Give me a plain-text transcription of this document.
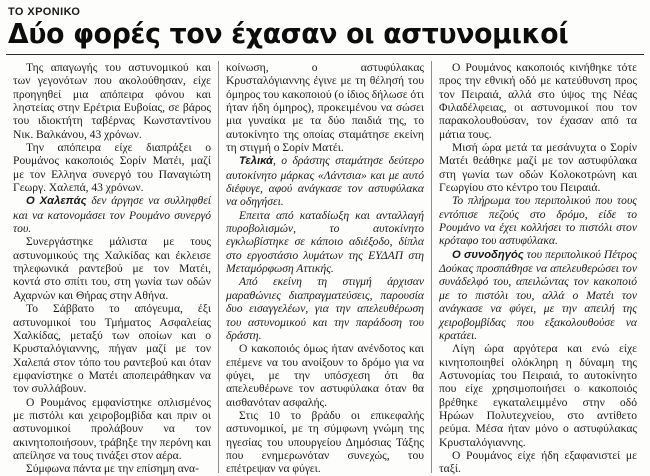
ΤΟ ΧΡΟΝΙΚΟ
Δύο φορές τον έχασαν οι αστυνομικοί

Της απαγωγής του αστυνομικού και των γεγονότων που ακολούθησαν, είχε προηγηθεί μια απόπειρα φόνου και ληστείας στην Ερέτρια Ευβοίας, σε βάρος του ιδιοκτήτη ταβέρνας Κωνσταντίνου Νικ. Βαλκάνου, 43 χρόνων.

Την απόπειρα είχε διαπράξει ο Ρουμάνος κακοποιός Σορίν Ματέι, μαζί με τον Ελληνα συνεργό του Παναγιώτη Γεωργ. Χαλεπά, 43 χρόνων.

Ο Χαλεπάς δεν άργησε να συλληφθεί και να κατονομάσει τον Ρουμάνο συνεργό του.

Συνεργάστηκε μάλιστα με τους αστυνομικούς της Χαλκίδας και έκλεισε τηλεφωνικά ραντεβού με τον Ματέι, κοντά στο σπίτι του, στη γωνία των οδών Αχαρνών και Θήρας στην Αθήνα.

Το Σάββατο το απόγευμα, έξι αστυνομικοί του Τμήματος Ασφαλείας Χαλκίδας, μεταξύ των οποίων και ο Κρυσταλόγιαννης, πήγαν μαζί με τον Χαλεπά στον τόπο του ραντεβού και όταν εμφανίστηκε ο Ματέι αποπειράθηκαν να τον συλλάβουν.

Ο Ρουμάνος εμφανίστηκε οπλισμένος με πιστόλι και χειροβομβίδα και πριν οι αστυνομικοί προλάβουν να τον ακινητοποιήσουν, τράβηξε την περόνη και απείλησε να τους τινάξει στον αέρα.

Σύμφωνα πάντα με την επίσημη ανα-

κοίνωση, ο αστυφύλακας Κρυσταλόγιαννης έγινε με τη θέλησή του όμηρος του κακοποιού (ο ίδιος δήλωσε ότι ήταν ήδη όμηρος), προκειμένου να σώσει μια γυναίκα με τα δύο παιδιά της, το αυτοκίνητο της οποίας σταμάτησε εκείνη τη στιγμή ο Σορίν Ματέι.

Τελικά, ο δράστης σταμάτησε δεύτερο αυτοκίνητο μάρκας «Λάντσια» και με αυτό διέφυγε, αφού ανάγκασε τον αστυφύλακα να οδηγήσει.

Επειτα από καταδίωξη και ανταλλαγή πυροβολισμών, το αυτοκίνητο εγκλωβίστηκε σε κάποιο αδιέξοδο, δίπλα στο εργοστάσιο λυμάτων της ΕΥΔΑΠ στη Μεταμόρφωση Αττικής.

Από εκείνη τη στιγμή άρχισαν μαραθώνιες διαπραγματεύσεις, παρουσία δυο εισαγγελέων, για την απελευθέρωση του αστυνομικού και την παράδοση του δράστη.

Ο κακοποιός όμως ήταν ανένδοτος και επέμενε να του ανοίξουν το δρόμο για να φύγει, με την υπόσχεση ότι θα απελευθέρωνε τον αστυφύλακα όταν θα αισθανόταν ασφαλής.

Στις 10 το βράδυ οι επικεφαλής αστυνομικοί, με τη σύμφωνη γνώμη της ηγεσίας του υπουργείου Δημόσιας Τάξης που ενημερωνόταν συνεχώς, του επέτρεψαν να φύγει.

Ο Ρουμάνος κακοποιός κινήθηκε τότε προς την εθνική οδό με κατεύθυνση προς τον Πειραιά, αλλά στο ύψος της Νέας Φιλαδέλφειας, οι αστυνομικοί που τον παρακολουθούσαν, τον έχασαν από τα μάτια τους.

Μισή ώρα μετά τα μεσάνυχτα ο Σορίν Ματέι θεάθηκε μαζί με τον αστυφύλακα στη γωνία των οδών Κολοκοτρώνη και Γεωργίου στο κέντρο του Πειραιά.

Το πλήρωμα του περιπολικού που τους εντόπισε πεζούς στο δρόμο, είδε το Ρουμάνο να έχει κολλήσει το πιστόλι στον κρόταφο του αστυφύλακα.

Ο συνοδηγός του περιπολικού Πέτρος Δούκας προσπάθησε να απελευθερώσει τον συνάδελφό του, απειλώντας τον κακοποιό με το πιστόλι του, αλλά ο Ματέι τον ανάγκασε να φύγει, με την απειλή της χειροβομβίδας που εξακολουθούσε να κρατάει.

Λίγη ώρα αργότερα και ενώ είχε κινητοποιηθεί ολόκληρη η δύναμη της Αστυνομίας του Πειραιά, το αυτοκίνητο που είχε χρησιμοποιήσει ο κακοποιός βρέθηκε εγκαταλειμμένο στην οδό Ηρώων Πολυτεχνείου, στο αντίθετο ρεύμα. Μέσα ήταν μόνο ο αστυφύλακας Κρυσταλόγιαννης.

Ο Ρουμάνος είχε ήδη εξαφανιστεί με ταξί.
